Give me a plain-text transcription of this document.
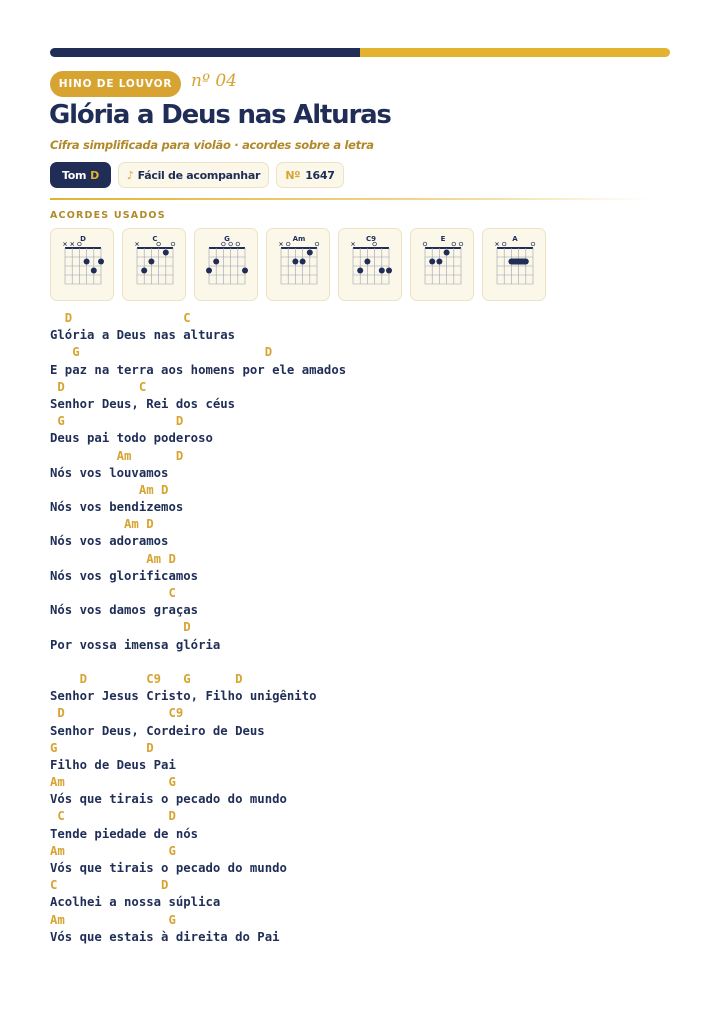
HINO DE LOUVOR	nº 04
Glória a Deus nas Alturas
Cifra simplificada para violão · acordes sobre a letra
Tom D	♪ Fácil de acompanhar Nº 1647
ACORDES USADOS
D	C	G	Am	C9	E	A
D               C
Glória a Deus nas alturas
G                         D
E paz na terra aos homens por ele amados
D          C
Senhor Deus, Rei dos céus
G               D
Deus pai todo poderoso
Am      D
Nós vos louvamos
Am D
Nós vos bendizemos
Am D
Nós vos adoramos
Am D
Nós vos glorificamos
C
Nós vos damos graças
D
Por vossa imensa glória
D        C9   G      D
Senhor Jesus Cristo, Filho unigênito
D              C9
Senhor Deus, Cordeiro de Deus
G            D
Filho de Deus Pai
Am              G
Vós que tirais o pecado do mundo
C              D
Tende piedade de nós
Am              G
Vós que tirais o pecado do mundo
C              D
Acolhei a nossa súplica
Am              G
Vós que estais à direita do Pai
